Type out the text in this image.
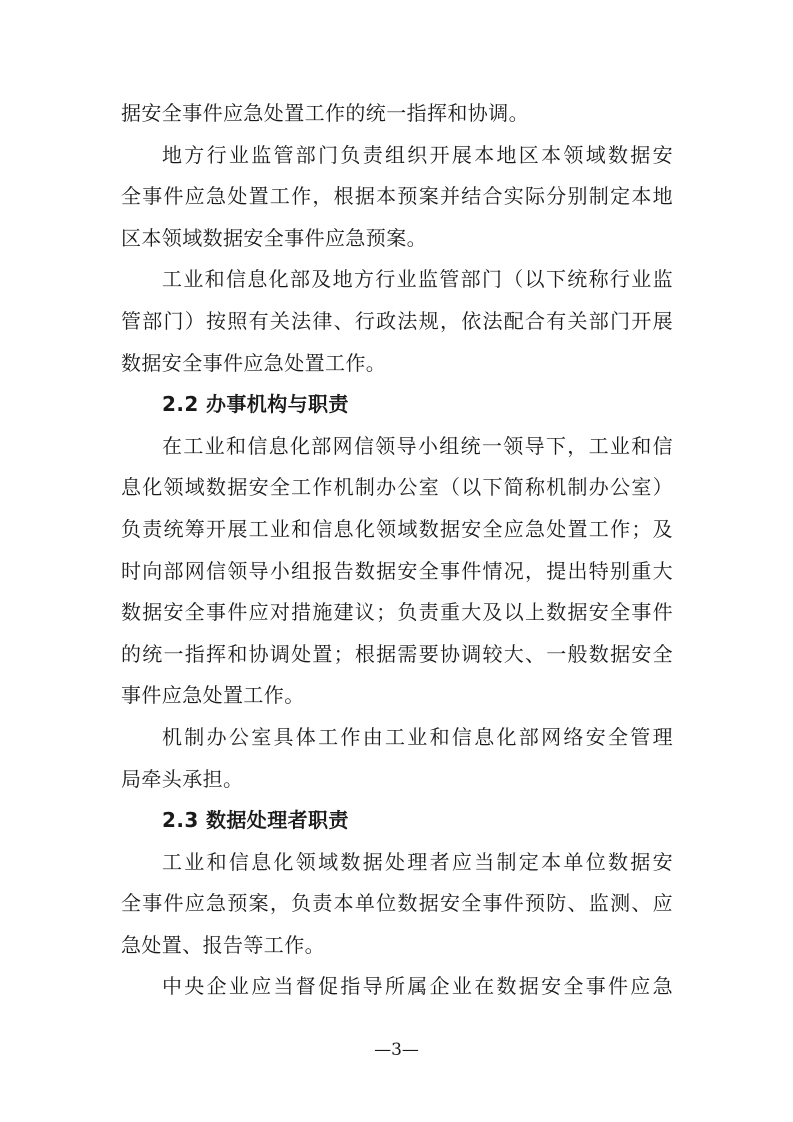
据安全事件应急处置工作的统一指挥和协调。
地方行业监管部门负责组织开展本地区本领域数据安
全事件应急处置工作，根据本预案并结合实际分别制定本地
区本领域数据安全事件应急预案。
工业和信息化部及地方行业监管部门（以下统称行业监
管部门）按照有关法律、行政法规，依法配合有关部门开展
数据安全事件应急处置工作。
2.2 办事机构与职责
在工业和信息化部网信领导小组统一领导下，工业和信
息化领域数据安全工作机制办公室（以下简称机制办公室）
负责统筹开展工业和信息化领域数据安全应急处置工作；及
时向部网信领导小组报告数据安全事件情况，提出特别重大
数据安全事件应对措施建议；负责重大及以上数据安全事件
的统一指挥和协调处置；根据需要协调较大、一般数据安全
事件应急处置工作。
机制办公室具体工作由工业和信息化部网络安全管理
局牵头承担。
2.3 数据处理者职责
工业和信息化领域数据处理者应当制定本单位数据安
全事件应急预案，负责本单位数据安全事件预防、监测、应
急处置、报告等工作。
中央企业应当督促指导所属企业在数据安全事件应急
—3—
